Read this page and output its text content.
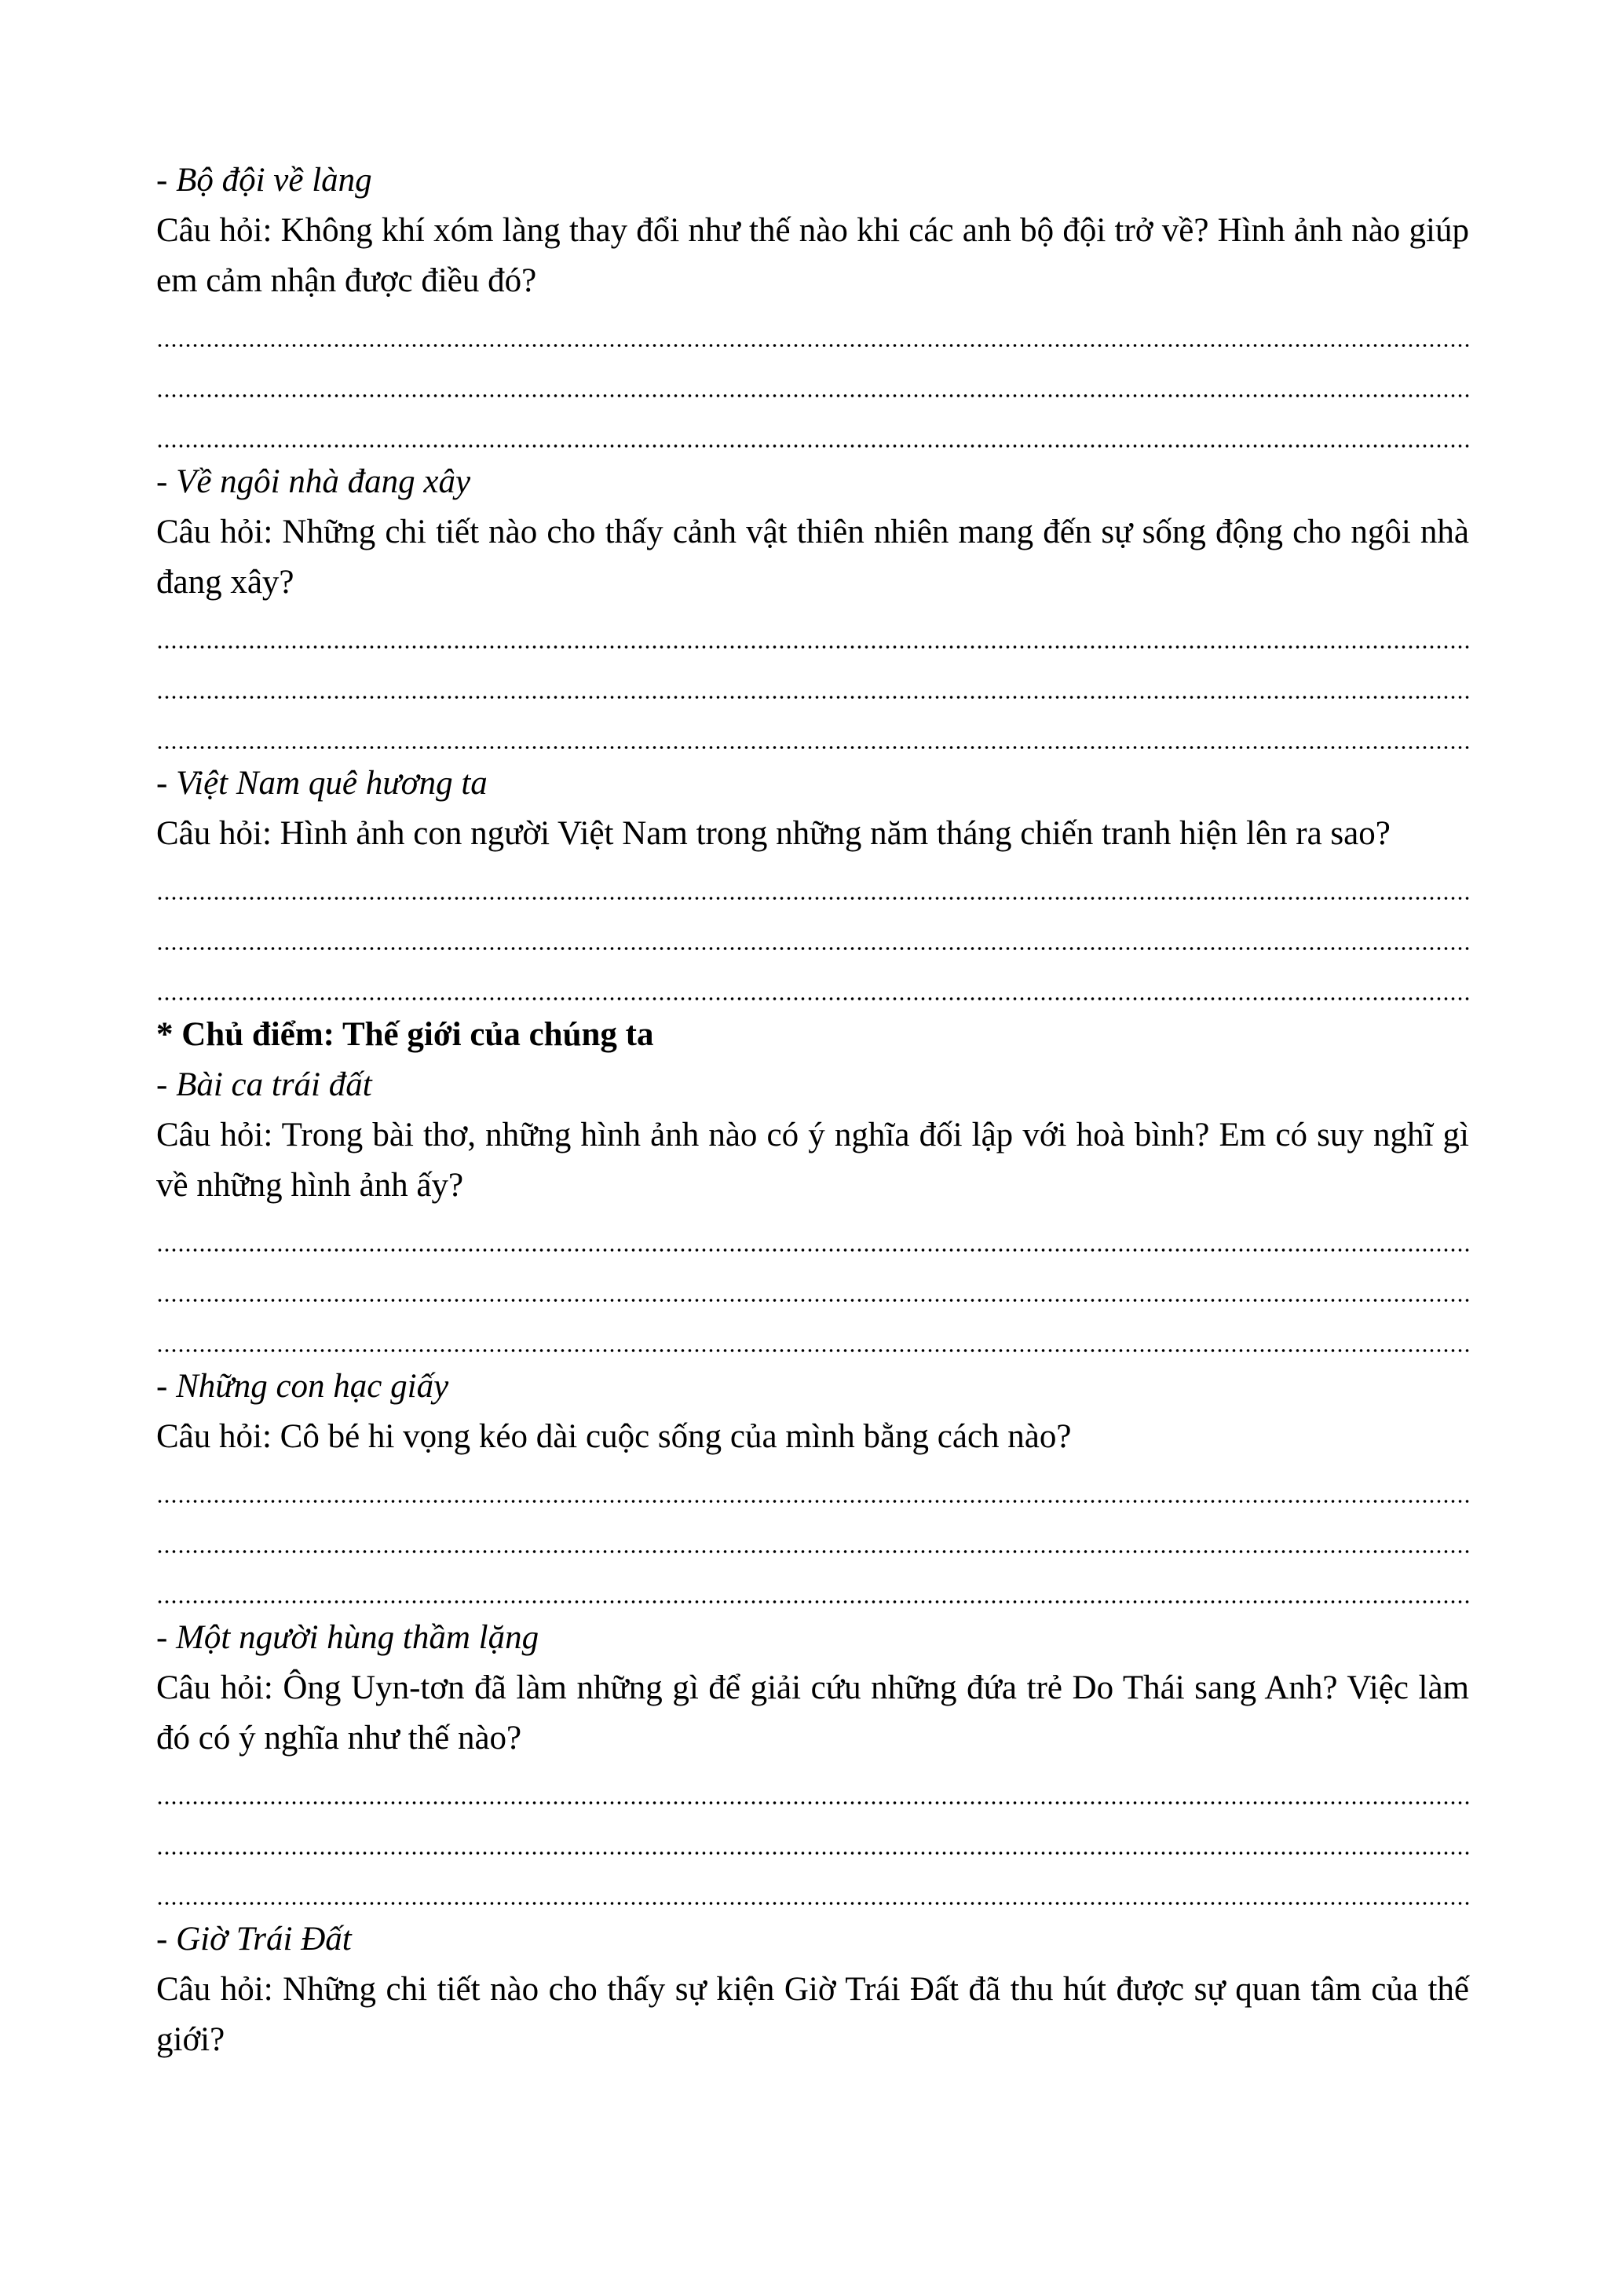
- Bộ đội về làng
Câu hỏi: Không khí xóm làng thay đổi như thế nào khi các anh bộ đội trở về? Hình ảnh nào giúp em cảm nhận được điều đó?
- Về ngôi nhà đang xây
Câu hỏi: Những chi tiết nào cho thấy cảnh vật thiên nhiên mang đến sự sống động cho ngôi nhà đang xây?
- Việt Nam quê hương ta
Câu hỏi: Hình ảnh con người Việt Nam trong những năm tháng chiến tranh hiện lên ra sao?
* Chủ điểm: Thế giới của chúng ta
- Bài ca trái đất
Câu hỏi: Trong bài thơ, những hình ảnh nào có ý nghĩa đối lập với hoà bình? Em có suy nghĩ gì về những hình ảnh ấy?
- Những con hạc giấy
Câu hỏi: Cô bé hi vọng kéo dài cuộc sống của mình bằng cách nào?
- Một người hùng thầm lặng
Câu hỏi: Ông Uyn-tơn đã làm những gì để giải cứu những đứa trẻ Do Thái sang Anh? Việc làm đó có ý nghĩa như thế nào?
- Giờ Trái Đất
Câu hỏi: Những chi tiết nào cho thấy sự kiện Giờ Trái Đất đã thu hút được sự quan tâm của thế giới?
